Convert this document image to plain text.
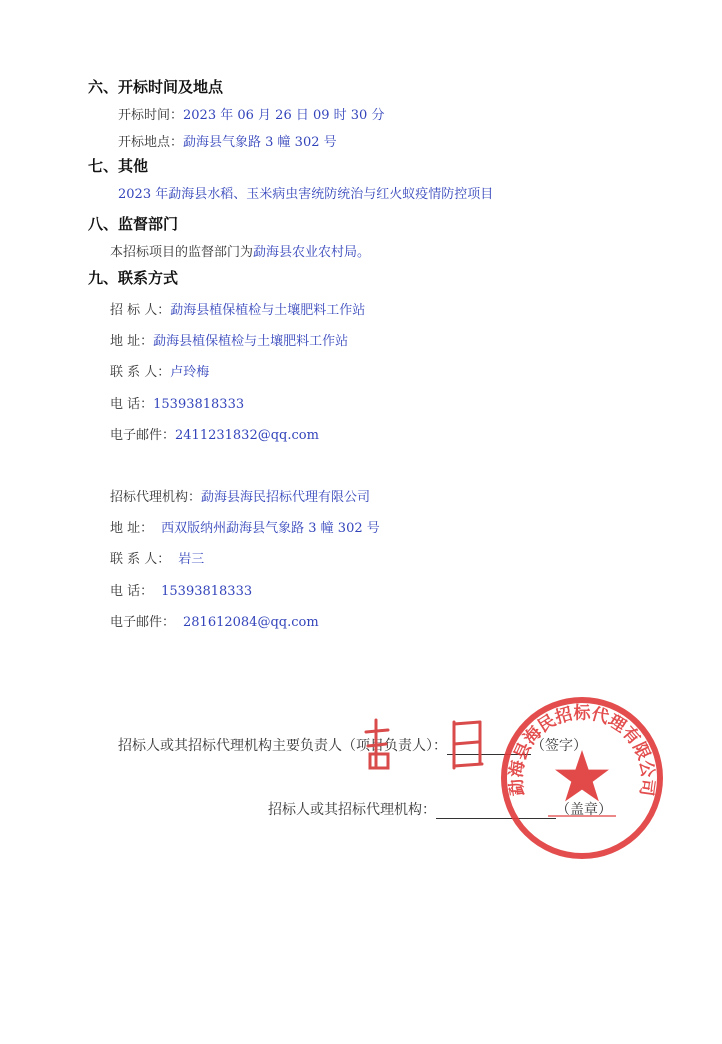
六、开标时间及地点
开标时间：2023 年 06 月 26 日 09 时 30 分
开标地点：勐海县气象路 3 幢 302 号
七、其他
2023 年勐海县水稻、玉米病虫害统防统治与红火蚁疫情防控项目
八、监督部门
本招标项目的监督部门为勐海县农业农村局。
九、联系方式
招 标 人：勐海县植保植检与土壤肥料工作站
地 址：勐海县植保植检与土壤肥料工作站
联 系 人：卢玲梅
电 话：15393818333
电子邮件：2411231832@qq.com
招标代理机构：勐海县海民招标代理有限公司
地 址： 西双版纳州勐海县气象路 3 幢 302 号
联 系 人： 岩三
电 话： 15393818333
电子邮件： 281612084@qq.com
招标人或其招标代理机构主要负责人（项目负责人）：	（签字）
招标人或其招标代理机构：	（盖章）
勐海县海民招标代理有限公司
